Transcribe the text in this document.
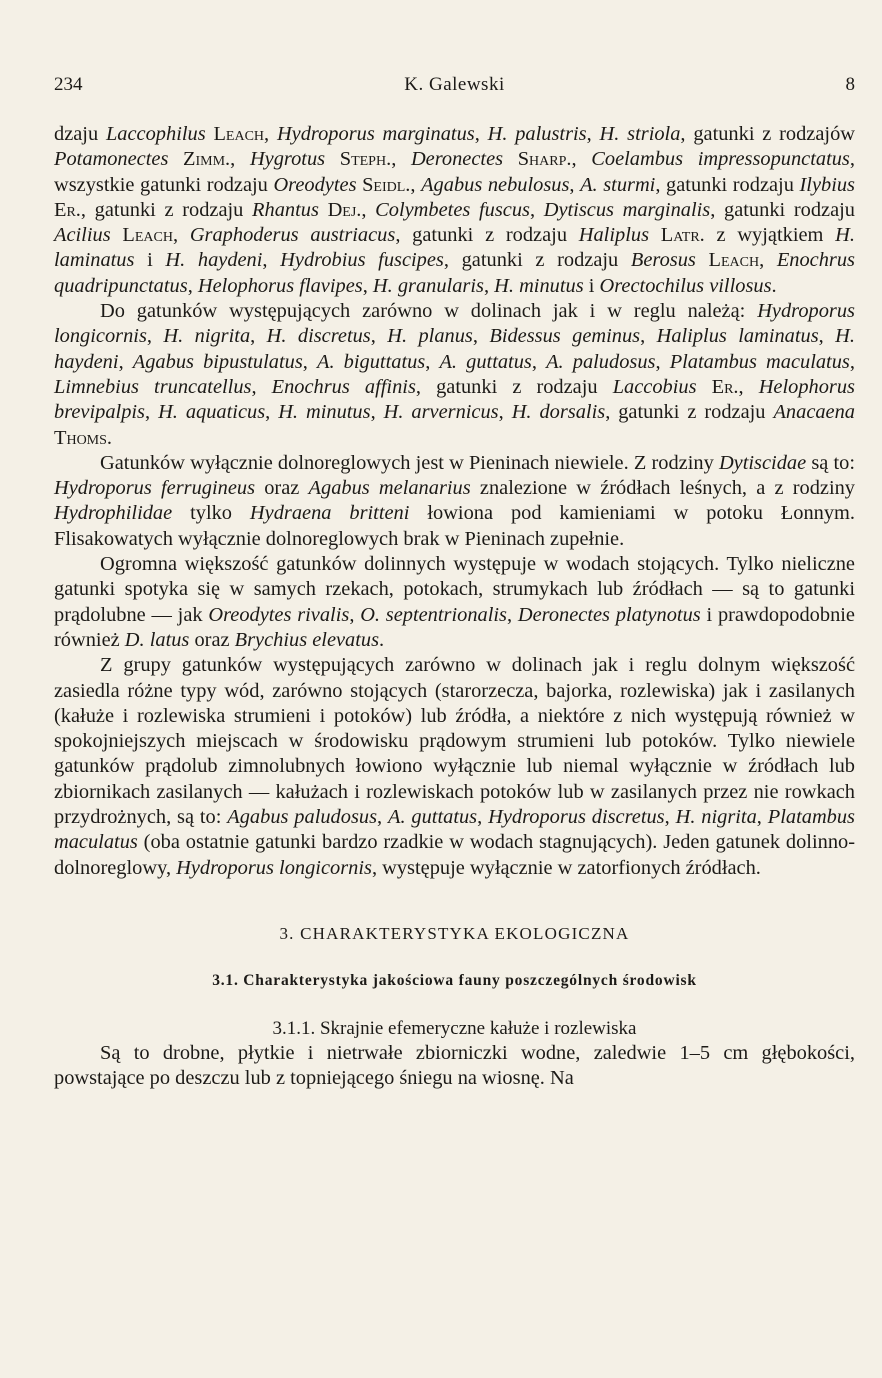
234	K. Galewski	8

dzaju Laccophilus Leach, Hydroporus marginatus, H. palustris, H. striola, gatunki z rodzajów Potamonectes Zimm., Hygrotus Steph., Deronectes Sharp., Coelambus impressopunctatus, wszystkie gatunki rodzaju Oreodytes Seidl., Agabus nebulosus, A. sturmi, gatunki rodzaju Ilybius Er., gatunki z rodzaju Rhantus Dej., Colymbetes fuscus, Dytiscus marginalis, gatunki rodzaju Acilius Leach, Graphoderus austriacus, gatunki z rodzaju Haliplus Latr. z wyjątkiem H. laminatus i H. haydeni, Hydrobius fuscipes, gatunki z rodzaju Berosus Leach, Enochrus quadripunctatus, Helophorus flavipes, H. granularis, H. minutus i Orectochilus villosus.

Do gatunków występujących zarówno w dolinach jak i w reglu należą: Hydroporus longicornis, H. nigrita, H. discretus, H. planus, Bidessus geminus, Haliplus laminatus, H. haydeni, Agabus bipustulatus, A. biguttatus, A. guttatus, A. paludosus, Platambus maculatus, Limnebius truncatellus, Enochrus affinis, gatunki z rodzaju Laccobius Er., Helophorus brevipalpis, H. aquaticus, H. minutus, H. arvernicus, H. dorsalis, gatunki z rodzaju Anacaena Thoms.

Gatunków wyłącznie dolnoreglowych jest w Pieninach niewiele. Z rodziny Dytiscidae są to: Hydroporus ferrugineus oraz Agabus melanarius znalezione w źródłach leśnych, a z rodziny Hydrophilidae tylko Hydraena britteni łowiona pod kamieniami w potoku Łonnym. Flisakowatych wyłącznie dolnoreglowych brak w Pieninach zupełnie.

Ogromna większość gatunków dolinnych występuje w wodach stojących. Tylko nieliczne gatunki spotyka się w samych rzekach, potokach, strumykach lub źródłach — są to gatunki prądolubne — jak Oreodytes rivalis, O. septentrionalis, Deronectes platynotus i prawdopodobnie również D. latus oraz Brychius elevatus.

Z grupy gatunków występujących zarówno w dolinach jak i reglu dolnym większość zasiedla różne typy wód, zarówno stojących (starorzecza, bajorka, rozlewiska) jak i zasilanych (kałuże i rozlewiska strumieni i potoków) lub źródła, a niektóre z nich występują również w spokojniejszych miejscach w środowisku prądowym strumieni lub potoków. Tylko niewiele gatunków prądolub zimnolubnych łowiono wyłącznie lub niemal wyłącznie w źródłach lub zbiornikach zasilanych — kałużach i rozlewiskach potoków lub w zasilanych przez nie rowkach przydrożnych, są to: Agabus paludosus, A. guttatus, Hydroporus discretus, H. nigrita, Platambus maculatus (oba ostatnie gatunki bardzo rzadkie w wodach stagnujących). Jeden gatunek dolinno-dolnoreglowy, Hydroporus longicornis, występuje wyłącznie w zatorfionych źródłach.

3. CHARAKTERYSTYKA EKOLOGICZNA
3.1. Charakterystyka jakościowa fauny poszczególnych środowisk
3.1.1. Skrajnie efemeryczne kałuże i rozlewiska

Są to drobne, płytkie i nietrwałe zbiorniczki wodne, zaledwie 1–5 cm głębokości, powstające po deszczu lub z topniejącego śniegu na wiosnę. Na
